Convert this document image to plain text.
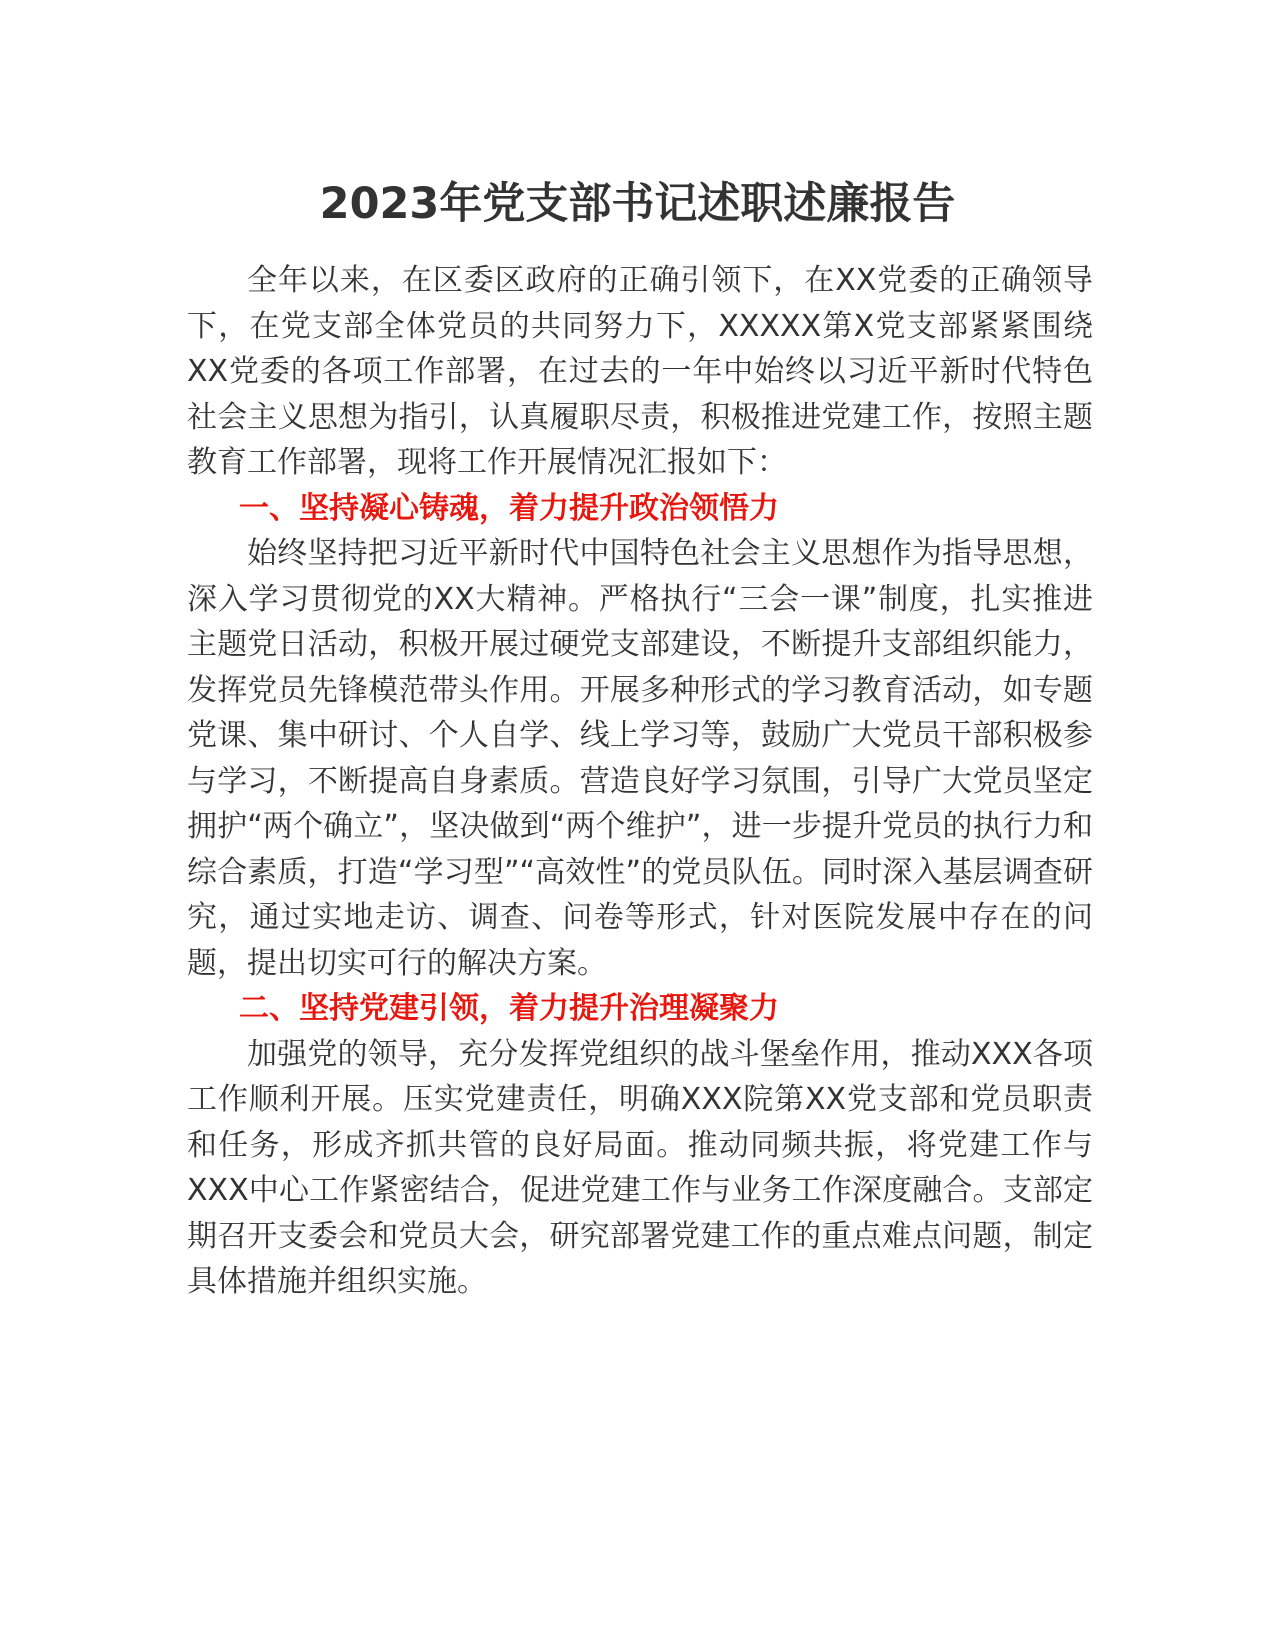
2023年党支部书记述职述廉报告

全年以来，在区委区政府的正确引领下，在XX党委的正确领导下，在党支部全体党员的共同努力下，XXXXX第X党支部紧紧围绕XX党委的各项工作部署，在过去的一年中始终以习近平新时代特色社会主义思想为指引，认真履职尽责，积极推进党建工作，按照主题教育工作部署，现将工作开展情况汇报如下：

一、坚持凝心铸魂，着力提升政治领悟力

始终坚持把习近平新时代中国特色社会主义思想作为指导思想，深入学习贯彻党的XX大精神。严格执行“三会一课”制度，扎实推进主题党日活动，积极开展过硬党支部建设，不断提升支部组织能力，发挥党员先锋模范带头作用。开展多种形式的学习教育活动，如专题党课、集中研讨、个人自学、线上学习等，鼓励广大党员干部积极参与学习，不断提高自身素质。营造良好学习氛围，引导广大党员坚定拥护“两个确立”，坚决做到“两个维护”，进一步提升党员的执行力和综合素质，打造“学习型”“高效性”的党员队伍。同时深入基层调查研究，通过实地走访、调查、问卷等形式，针对医院发展中存在的问题，提出切实可行的解决方案。

二、坚持党建引领，着力提升治理凝聚力

加强党的领导，充分发挥党组织的战斗堡垒作用，推动XXX各项工作顺利开展。压实党建责任，明确XXX院第XX党支部和党员职责和任务，形成齐抓共管的良好局面。推动同频共振，将党建工作与XXX中心工作紧密结合，促进党建工作与业务工作深度融合。支部定期召开支委会和党员大会，研究部署党建工作的重点难点问题，制定具体措施并组织实施。
